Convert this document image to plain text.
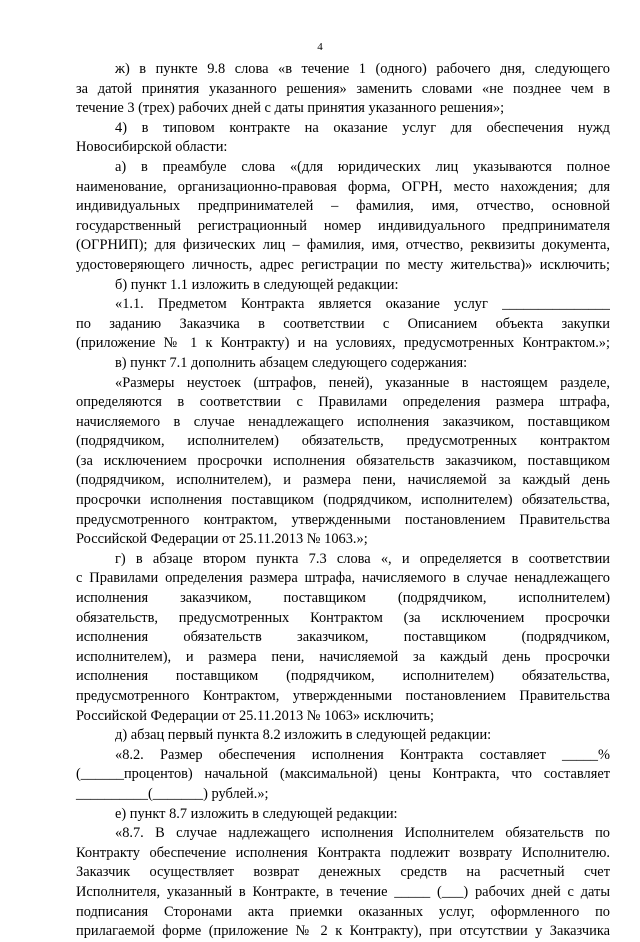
4
ж) в пункте 9.8 слова «в течение 1 (одного) рабочего дня, следующего
за датой принятия указанного решения» заменить словами «не позднее чем в
течение 3 (трех) рабочих дней с даты принятия указанного решения»;
4) в типовом контракте на оказание услуг для обеспечения нужд
Новосибирской области:
а) в преамбуле слова «(для юридических лиц указываются полное
наименование, организационно-правовая форма, ОГРН, место нахождения; для
индивидуальных предпринимателей – фамилия, имя, отчество, основной
государственный регистрационный номер индивидуального предпринимателя
(ОГРНИП); для физических лиц – фамилия, имя, отчество, реквизиты документа,
удостоверяющего личность, адрес регистрации по месту жительства)» исключить;
б) пункт 1.1 изложить в следующей редакции:
«1.1. Предметом Контракта является оказание услуг _______________
по заданию Заказчика в соответствии с Описанием объекта закупки
(приложение № 1 к Контракту) и на условиях, предусмотренных Контрактом.»;
в) пункт 7.1 дополнить абзацем следующего содержания:
«Размеры неустоек (штрафов, пеней), указанные в настоящем разделе,
определяются в соответствии с Правилами определения размера штрафа,
начисляемого в случае ненадлежащего исполнения заказчиком, поставщиком
(подрядчиком, исполнителем) обязательств, предусмотренных контрактом
(за исключением просрочки исполнения обязательств заказчиком, поставщиком
(подрядчиком, исполнителем), и размера пени, начисляемой за каждый день
просрочки исполнения поставщиком (подрядчиком, исполнителем) обязательства,
предусмотренного контрактом, утвержденными постановлением Правительства
Российской Федерации от 25.11.2013 № 1063.»;
г) в абзаце втором пункта 7.3 слова «, и определяется в соответствии
с Правилами определения размера штрафа, начисляемого в случае ненадлежащего
исполнения заказчиком, поставщиком (подрядчиком, исполнителем)
обязательств, предусмотренных Контрактом (за исключением просрочки
исполнения обязательств заказчиком, поставщиком (подрядчиком,
исполнителем), и размера пени, начисляемой за каждый день просрочки
исполнения поставщиком (подрядчиком, исполнителем) обязательства,
предусмотренного Контрактом, утвержденными постановлением Правительства
Российской Федерации от 25.11.2013 № 1063» исключить;
д) абзац первый пункта 8.2 изложить в следующей редакции:
«8.2. Размер обеспечения исполнения Контракта составляет _____%
(______процентов) начальной (максимальной) цены Контракта, что составляет
__________(_______) рублей.»;
е) пункт 8.7 изложить в следующей редакции:
«8.7. В случае надлежащего исполнения Исполнителем обязательств по
Контракту обеспечение исполнения Контракта подлежит возврату Исполнителю.
Заказчик осуществляет возврат денежных средств на расчетный счет
Исполнителя, указанный в Контракте, в течение _____ (___) рабочих дней с даты
подписания Сторонами акта приемки оказанных услуг, оформленного по
прилагаемой форме (приложение № 2 к Контракту), при отсутствии у Заказчика
